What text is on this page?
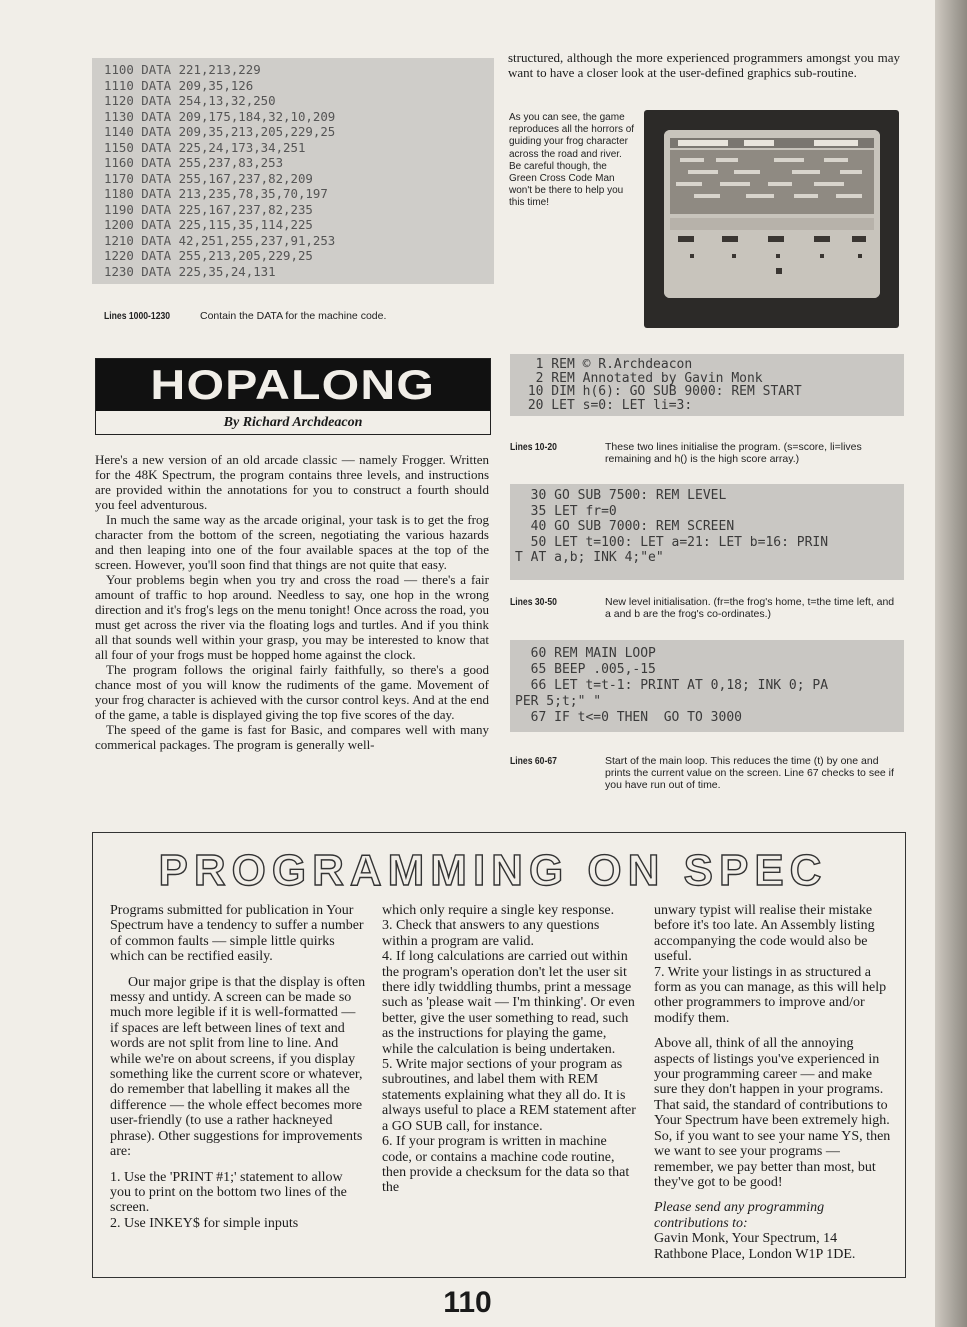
1100 DATA 221,213,229
1110 DATA 209,35,126
1120 DATA 254,13,32,250
1130 DATA 209,175,184,32,10,209
1140 DATA 209,35,213,205,229,25
1150 DATA 225,24,173,34,251
1160 DATA 255,237,83,253
1170 DATA 255,167,237,82,209
1180 DATA 213,235,78,35,70,197
1190 DATA 225,167,237,82,235
1200 DATA 225,115,35,114,225
1210 DATA 42,251,255,237,91,253
1220 DATA 255,213,205,229,25
1230 DATA 225,35,24,131
Lines 1000-1230	Contain the DATA for the machine code.
structured, although the more experienced programmers amongst you may want to have a closer look at the user-defined graphics sub-routine.
As you can see, the game reproduces all the horrors of guiding your frog character across the road and river. Be careful though, the Green Cross Code Man won't be there to help you this time!
HOPALONG
By Richard Archdeacon

Here's a new version of an old arcade classic — namely Frogger. Written for the 48K Spectrum, the program contains three levels, and instructions are provided within the annotations for you to construct a fourth should you feel adventurous.

In much the same way as the arcade original, your task is to get the frog character from the bottom of the screen, negotiating the various hazards and then leaping into one of the four available spaces at the top of the screen. However, you'll soon find that things are not quite that easy.

Your problems begin when you try and cross the road — there's a fair amount of traffic to hop around. Needless to say, one hop in the wrong direction and it's frog's legs on the menu tonight! Once across the road, you must get across the river via the floating logs and turtles. And if you think all that sounds well within your grasp, you may be interested to know that all four of your frogs must be hopped home against the clock.

The program follows the original fairly faithfully, so there's a good chance most of you will know the rudiments of the game. Movement of your frog character is achieved with the cursor control keys. And at the end of the game, a table is displayed giving the top five scores of the day.

The speed of the game is fast for Basic, and compares well with many commerical packages. The program is generally well-

1 REM © R.Archdeacon
2 REM Annotated by Gavin Monk
10 DIM h(6): GO SUB 9000: REM START
20 LET s=0: LET li=3:
Lines 10-20	These two lines initialise the program. (s=score, li=lives remaining and h() is the high score array.)
30 GO SUB 7500: REM LEVEL
35 LET fr=0
40 GO SUB 7000: REM SCREEN
50 LET t=100: LET a=21: LET b=16: PRIN
T AT a,b; INK 4;"e"
Lines 30-50	New level initialisation. (fr=the frog's home, t=the time left, and a and b are the frog's co-ordinates.)
60 REM MAIN LOOP
65 BEEP .005,-15
66 LET t=t-1: PRINT AT 0,18; INK 0; PA
PER 5;t;" "
67 IF t<=0 THEN  GO TO 3000
Lines 60-67	Start of the main loop. This reduces the time (t) by one and prints the current value on the screen. Line 67 checks to see if you have run out of time.
PROGRAMMING ON SPEC

Programs submitted for publication in Your Spectrum have a tendency to suffer a number of common faults — simple little quirks which can be rectified easily.

Our major gripe is that the display is often messy and untidy. A screen can be made so much more legible if it is well-formatted — if spaces are left between lines of text and words are not split from line to line. And while we're on about screens, if you display something like the current score or whatever, do remember that labelling it makes all the difference — the whole effect becomes more user-friendly (to use a rather hackneyed phrase). Other suggestions for improvements are:

1. Use the 'PRINT #1;' statement to allow you to print on the bottom two lines of the screen.

2. Use INKEY$ for simple inputs

which only require a single key response.

3. Check that answers to any questions within a program are valid.

4. If long calculations are carried out within the program's operation don't let the user sit there idly twiddling thumbs, print a message such as 'please wait — I'm thinking'. Or even better, give the user something to read, such as the instructions for playing the game, while the calculation is being undertaken.

5. Write major sections of your program as subroutines, and label them with REM statements explaining what they all do. It is always useful to place a REM statement after a GO SUB call, for instance.

6. If your program is written in machine code, or contains a machine code routine, then provide a checksum for the data so that the

unwary typist will realise their mistake before it's too late. An Assembly listing accompanying the code would also be useful.

7. Write your listings in as structured a form as you can manage, as this will help other programmers to improve and/or modify them.

Above all, think of all the annoying aspects of listings you've experienced in your programming career — and make sure they don't happen in your programs. That said, the standard of contributions to Your Spectrum have been extremely high. So, if you want to see your name YS, then we want to see your programs — remember, we pay better than most, but they've got to be good!

Please send any programming contributions to:

Gavin Monk, Your Spectrum, 14 Rathbone Place, London W1P 1DE.

110
